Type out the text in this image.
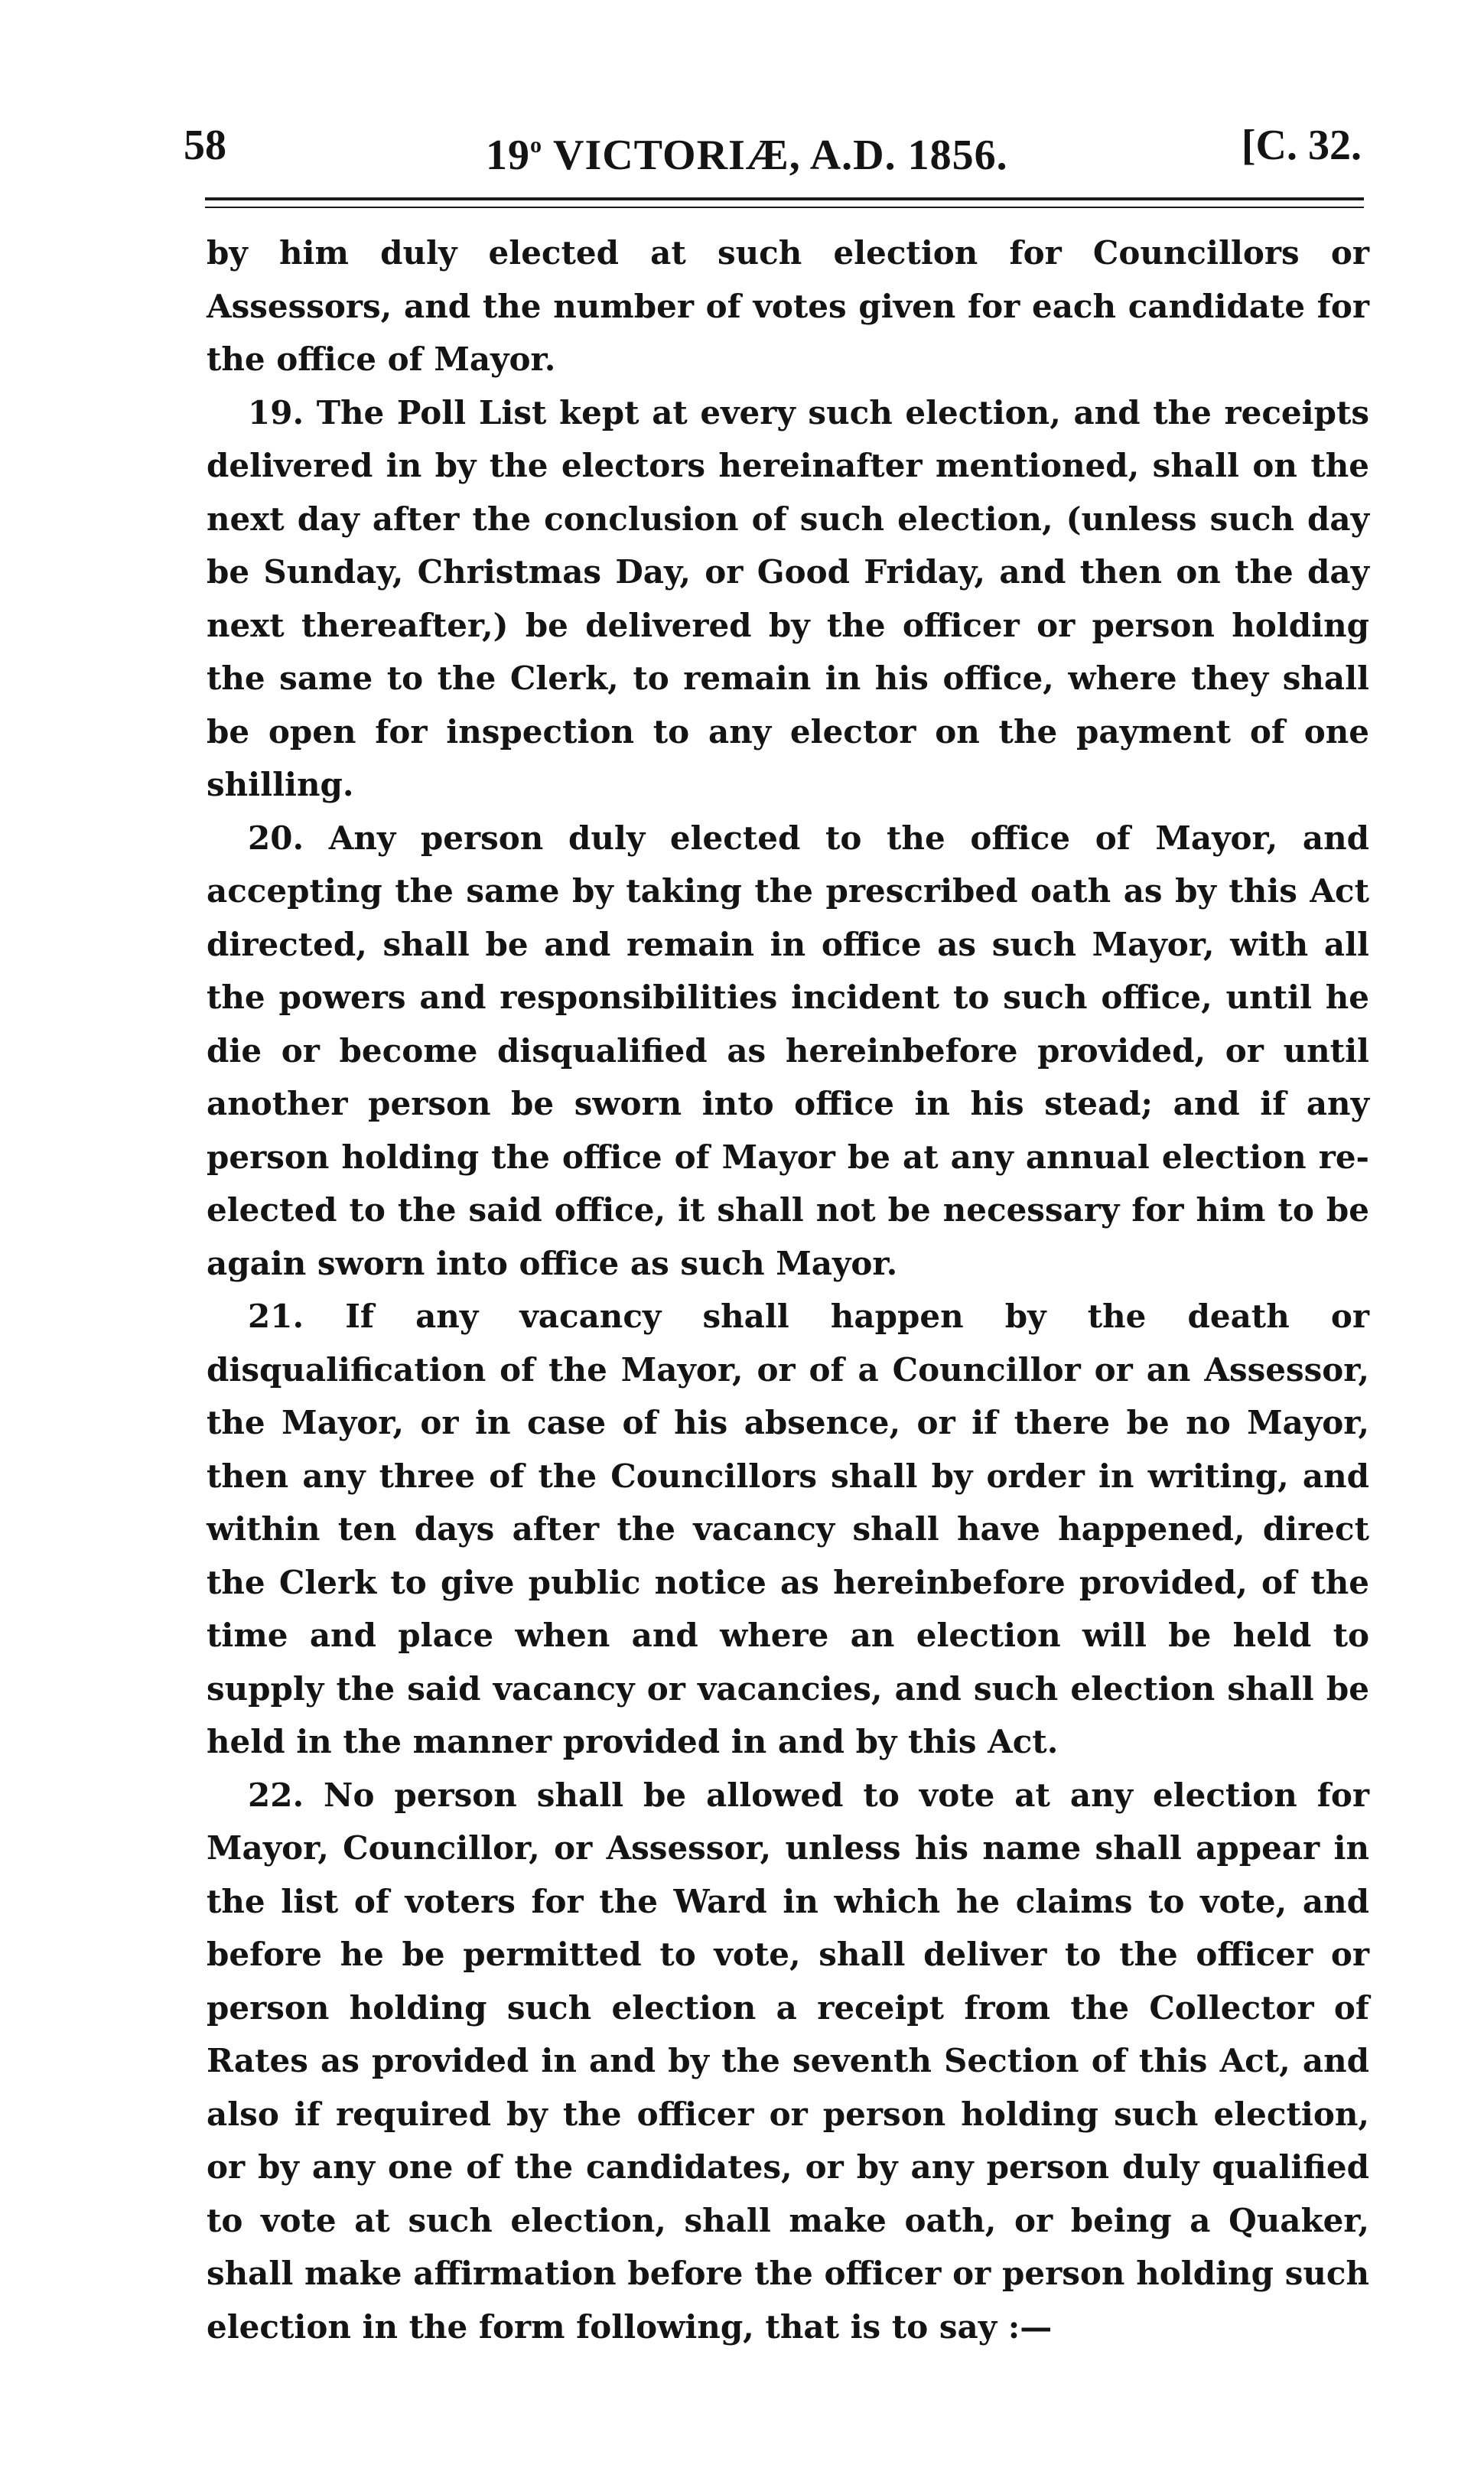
58	19$^o$ VICTORIÆ, A.D. 1856.	[C. 32.

by him duly elected at such election for Councillors or Assessors, and the number of votes given for each candidate for the office of Mayor.

19. The Poll List kept at every such election, and the receipts delivered in by the electors hereinafter mentioned, shall on the next day after the conclusion of such election, (unless such day be Sunday, Christmas Day, or Good Friday, and then on the day next thereafter,) be delivered by the officer or person holding the same to the Clerk, to remain in his office, where they shall be open for inspection to any elector on the payment of one shilling.

20. Any person duly elected to the office of Mayor, and accepting the same by taking the prescribed oath as by this Act directed, shall be and remain in office as such Mayor, with all the powers and responsibilities incident to such office, until he die or become disqualified as hereinbefore provided, or until another person be sworn into office in his stead; and if any person holding the office of Mayor be at any annual election re-elected to the said office, it shall not be necessary for him to be again sworn into office as such Mayor.

21. If any vacancy shall happen by the death or disqualification of the Mayor, or of a Councillor or an Assessor, the Mayor, or in case of his absence, or if there be no Mayor, then any three of the Councillors shall by order in writing, and within ten days after the vacancy shall have happened, direct the Clerk to give public notice as hereinbefore provided, of the time and place when and where an election will be held to supply the said vacancy or vacancies, and such election shall be held in the manner provided in and by this Act.

22. No person shall be allowed to vote at any election for Mayor, Councillor, or Assessor, unless his name shall appear in the list of voters for the Ward in which he claims to vote, and before he be permitted to vote, shall deliver to the officer or person holding such election a receipt from the Collector of Rates as provided in and by the seventh Section of this Act, and also if required by the officer or person holding such election, or by any one of the candidates, or by any person duly qualified to vote at such election, shall make oath, or being a Quaker, shall make affirmation before the officer or person holding such election in the form following, that is to say :—
